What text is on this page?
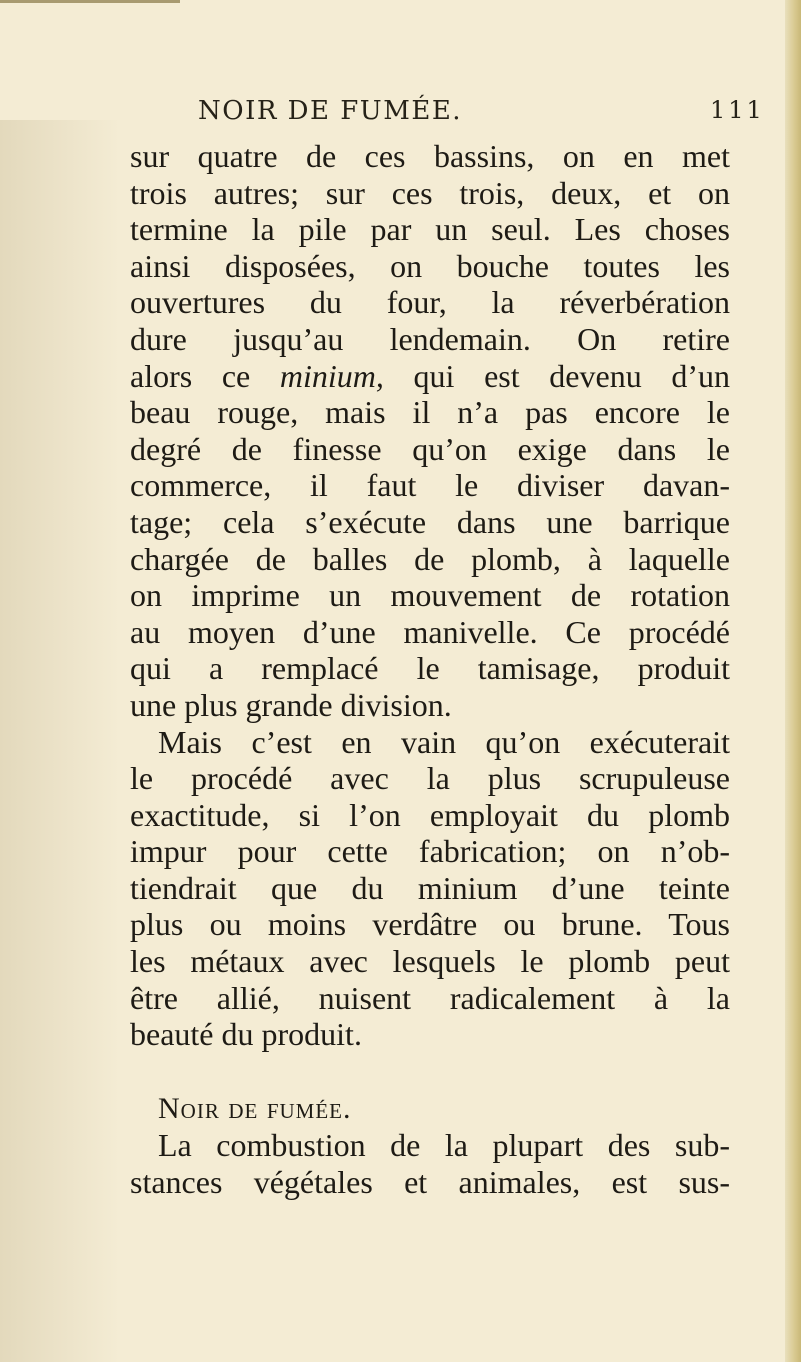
NOIR DE FUMÉE.	111
sur quatre de ces bassins, on en met
trois autres; sur ces trois, deux, et on
termine la pile par un seul. Les choses
ainsi disposées, on bouche toutes les
ouvertures du four, la réverbération
dure jusqu’au lendemain. On retire
alors ce minium, qui est devenu d’un
beau rouge, mais il n’a pas encore le
degré de finesse qu’on exige dans le
commerce, il faut le diviser davan-
tage; cela s’exécute dans une barrique
chargée de balles de plomb, à laquelle
on imprime un mouvement de rotation
au moyen d’une manivelle. Ce procédé
qui a remplacé le tamisage, produit
une plus grande division.
Mais c’est en vain qu’on exécuterait
le procédé avec la plus scrupuleuse
exactitude, si l’on employait du plomb
impur pour cette fabrication; on n’ob-
tiendrait que du minium d’une teinte
plus ou moins verdâtre ou brune. Tous
les métaux avec lesquels le plomb peut
être allié, nuisent radicalement à la
beauté du produit.
Noir de fumée.
La combustion de la plupart des sub-
stances végétales et animales, est sus-
